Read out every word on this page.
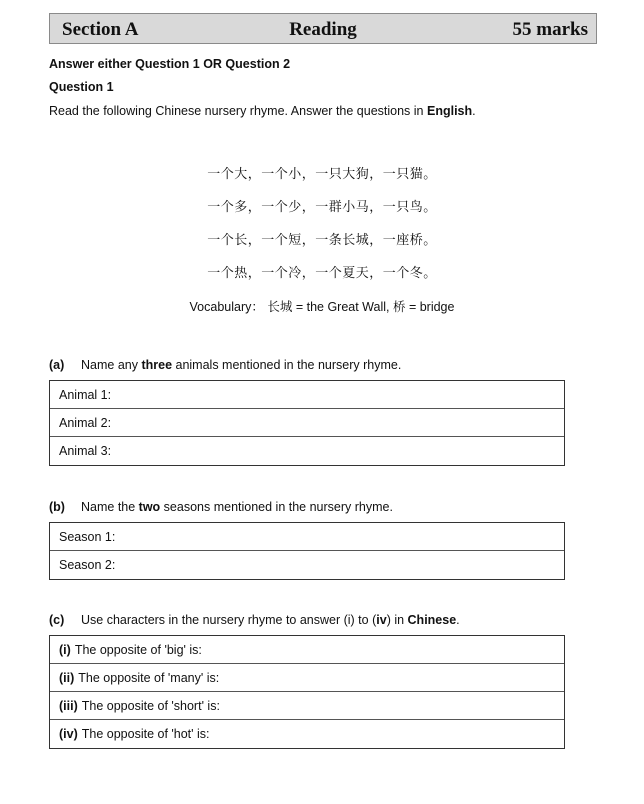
Section A	Reading	55 marks
Answer either Question 1 OR Question 2
Question 1
Read the following Chinese nursery rhyme. Answer the questions in English.
一个大，一个小，一只大狗，一只猫。
一个多，一个少，一群小马，一只鸟。
一个长，一个短，一条长城，一座桥。
一个热，一个冷，一个夏天，一个冬。
Vocabulary： 长城 = the Great Wall, 桥 = bridge
(a) Name any three animals mentioned in the nursery rhyme.
Animal 1:
Animal 2:
Animal 3:
(b) Name the two seasons mentioned in the nursery rhyme.
Season 1:
Season 2:
(c) Use characters in the nursery rhyme to answer (i) to (iv) in Chinese.
(i) The opposite of 'big' is:
(ii) The opposite of 'many' is:
(iii) The opposite of 'short' is:
(iv) The opposite of 'hot' is:
